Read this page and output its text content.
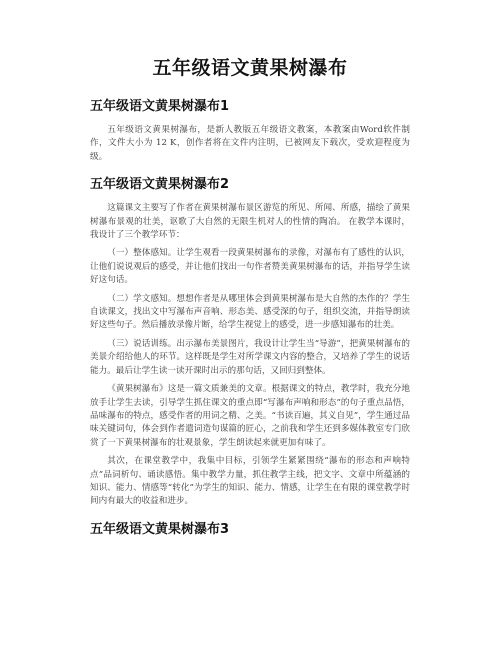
五年级语文黄果树瀑布
五年级语文黄果树瀑布1

五年级语文黄果树瀑布，是新人教版五年级语文教案，本教案由Word软件制作，文件大小为 12 K，创作者将在文件内注明，已被网友下载次，受欢迎程度为级。

五年级语文黄果树瀑布2

这篇课文主要写了作者在黄果树瀑布景区游览的所见、所闻、所感，描绘了黄果树瀑布景观的壮美，讴歌了大自然的无限生机对人的性情的陶冶。 在教学本课时，我设计了三个教学环节：

（一）整体感知。让学生观看一段黄果树瀑布的录像，对瀑布有了感性的认识，让他们说说观后的感受，并让他们找出一句作者赞美黄果树瀑布的话，并指导学生读好这句话。

（二）学文感知。想想作者是从哪里体会到黄果树瀑布是大自然的杰作的？学生自读课文，找出文中写瀑布声音响、形态美、感受深的句子，组织交流，并指导朗读好这些句子。然后播放录像片断，给学生视觉上的感受，进一步感知瀑布的壮美。

（三）说话训练。出示瀑布美景图片，我设计让学生当“导游”，把黄果树瀑布的美景介绍给他人的环节。这样既是学生对所学课文内容的整合，又培养了学生的说话能力。最后让学生读一读开课时出示的那句话，又回归到整体。

《黄果树瀑布》这是一篇文质兼美的文章。根据课文的特点，教学时，我充分地放手让学生去读，引导学生抓住课文的重点即“写瀑布声响和形态”的句子重点品悟，品味瀑布的特点，感受作者的用词之精、之美。“书读百遍，其义自见”，学生通过品味关键词句，体会到作者遣词造句谋篇的匠心，之前我和学生还到多媒体教室专门欣赏了一下黄果树瀑布的壮观景象，学生朗读起来就更加有味了。

其次，在课堂教学中，我集中目标，引领学生紧紧围绕“瀑布的形态和声响特点”品词析句、诵读感悟。集中教学力量，抓住教学主线，把文字、文章中所蕴涵的知识、能力、情感等“转化”为学生的知识、能力、情感，让学生在有限的课堂教学时间内有最大的收益和进步。

五年级语文黄果树瀑布3
